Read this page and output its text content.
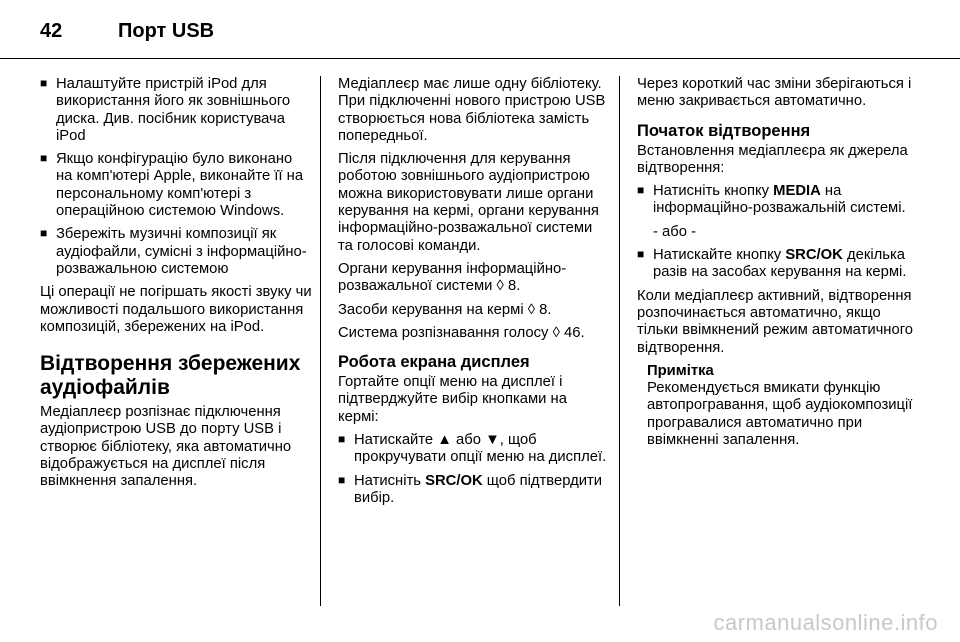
42	Порт USB
■ Налаштуйте пристрій iPod для використання його як зовнішнього диска. Див. посібник користувача iPod
■ Якщо конфігурацію було виконано на комп'ютері Apple, виконайте її на персональному комп'ютері з операційною системою Windows.
■ Збережіть музичні композиції як аудіофайли, сумісні з інформаційно-розважальною системою

Ці операції не погіршать якості звуку чи можливості подальшого використання композицій, збережених на iPod.

Відтворення збережених аудіофайлів

Медіаплеєр розпізнає підключення аудіопристрою USB до порту USB і створює бібліотеку, яка автоматично відображується на дисплеї після ввімкнення запалення.

Медіаплеєр має лише одну бібліотеку. При підключенні нового пристрою USB створюється нова бібліотека замість попередньої.

Після підключення для керування роботою зовнішнього аудіопристрою можна використовувати лише органи керування на кермі, органи керування інформаційно-розважальної системи та голосові команди.

Органи керування інформаційно-розважальної системи ◊ 8.

Засоби керування на кермі ◊ 8.

Система розпізнавання голосу ◊ 46.

Робота екрана дисплея

Гортайте опції меню на дисплеї і підтверджуйте вибір кнопками на кермі:

■ Натискайте ▲ або ▼, щоб прокручувати опції меню на дисплеї.
■ Натисніть SRC/OK щоб підтвердити вибір.

Через короткий час зміни зберігаються і меню закривається автоматично.

Початок відтворення

Встановлення медіаплеєра як джерела відтворення:

■ Натисніть кнопку MEDIA на інформаційно-розважальній системі.

- або -

■ Натискайте кнопку SRC/OK декілька разів на засобах керування на кермі.

Коли медіаплеєр активний, відтворення розпочинається автоматично, якщо тільки ввімкнений режим автоматичного відтворення.

Примітка

Рекомендується вмикати функцію автопрогравання, щоб аудіокомпозиції програвалися автоматично при ввімкненні запалення.

carmanualsonline.info
